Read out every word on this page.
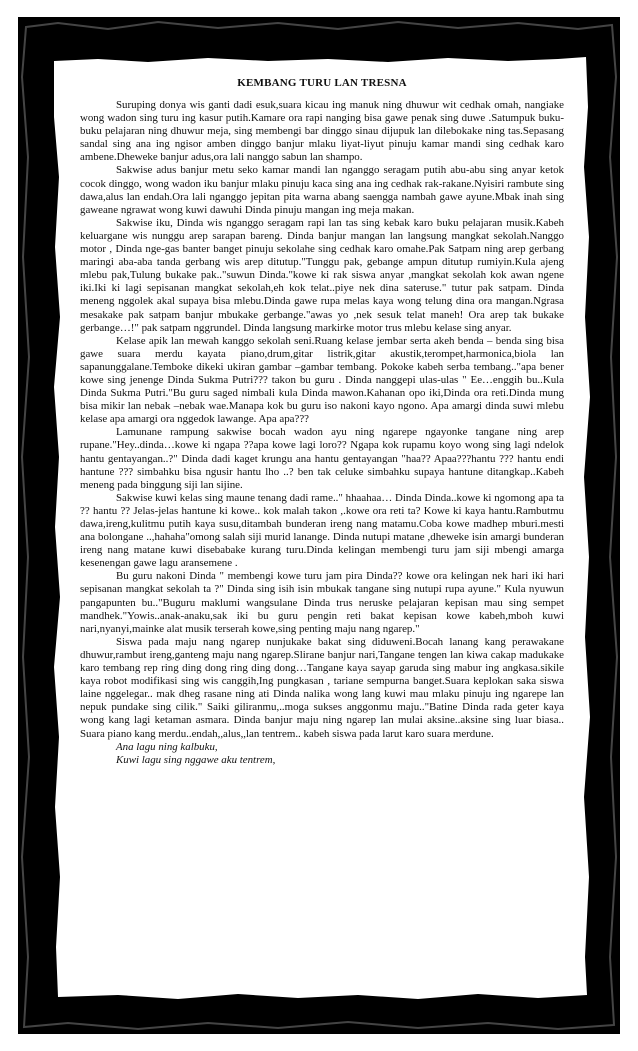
KEMBANG TURU LAN TRESNA

Suruping donya wis ganti dadi esuk,suara kicau ing manuk ning dhuwur wit cedhak omah, nangiake wong wadon sing turu ing kasur putih.Kamare ora rapi nanging bisa gawe penak sing duwe .Satumpuk buku-buku pelajaran ning dhuwur meja, sing membengi bar dinggo sinau dijupuk lan dilebokake ning tas.Sepasang sandal sing ana ing ngisor amben dinggo banjur mlaku liyat-liyut pinuju kamar mandi sing cedhak karo ambene.Dheweke banjur adus,ora lali nanggo sabun lan shampo.

Sakwise adus banjur metu seko kamar mandi lan nganggo seragam putih abu-abu sing anyar ketok cocok dinggo, wong wadon iku banjur mlaku pinuju kaca sing ana ing cedhak rak-rakane.Nyisiri rambute sing dawa,alus lan endah.Ora lali nganggo jepitan pita warna abang saengga nambah gawe ayune.Mbak inah sing gaweane ngrawat wong kuwi dawuhi Dinda pinuju mangan ing meja makan.

Sakwise iku, Dinda wis nganggo seragam rapi lan tas sing kebak karo buku pelajaran musik.Kabeh keluargane wis nunggu arep sarapan bareng. Dinda banjur mangan lan langsung mangkat sekolah.Nanggo motor , Dinda nge-gas banter banget pinuju sekolahe sing cedhak karo omahe.Pak Satpam ning arep gerbang maringi aba-aba tanda gerbang wis arep ditutup."Tunggu pak, gebange ampun ditutup rumiyin.Kula ajeng mlebu pak,Tulung bukake pak.."suwun Dinda."kowe ki rak siswa anyar ,mangkat sekolah kok awan ngene iki.Iki ki lagi sepisanan mangkat sekolah,eh kok telat..piye nek dina saterusе." tutur pak satpam. Dinda meneng nggolek akal supaya bisa mlebu.Dinda gawe rupa melas kaya wong telung dina ora mangan.Ngrasa mesakake pak satpam banjur mbukake gerbange."awas yo ,nek sesuk telat maneh! Ora arep tak bukake gerbange…!" pak satpam nggrundel. Dinda langsung markirke motor trus mlebu kelase sing anyar.

Kelase apik lan mewah kanggo sekolah seni.Ruang kelase jembar serta akeh benda – benda sing bisa gawe suara merdu kayata piano,drum,gitar listrik,gitar akustik,terompet,harmonica,biola lan sapanunggalane.Temboke dikeki ukiran gambar –gambar tembang. Pokoke kabeh serba tembang.."apa bener kowe sing jenenge Dinda Sukma Putri??? takon bu guru . Dinda nanggepi ulas-ulas " Ee…enggih bu..Kula Dinda Sukma Putri."Bu guru saged nimbali kula Dinda mawon.Kahanan opo iki,Dinda ora reti.Dinda mung bisa mikir lan nebak –nebak wae.Manapa kok bu guru iso nakoni kayo ngono. Apa amargi dinda suwi mlebu kelase apa amargi ora nggedok lawange. Apa apa???

Lamunane rampung sakwise bocah wadon ayu ning ngarepe ngayonke tangane ning arep rupane."Hey..dinda…kowe ki ngapa ??apa kowe lagi loro?? Ngapa kok rupamu koyo wong sing lagi ndelok hantu gentayangan..?" Dinda dadi kaget krungu ana hantu gentayangan "haa?? Apaa???hantu ??? hantu endi hantune ??? simbahku bisa ngusir hantu lho ..? ben tak celuke simbahku supaya hantune ditangkap..Kabeh meneng pada binggung siji lan sijine.

Sakwise kuwi kelas sing maune tenang dadi rame.." hhaahaa… Dinda Dinda..kowe ki ngomong apa ta ?? hantu ?? Jelas-jelas hantune ki kowe.. kok malah takon ,.kowe ora reti ta? Kowe ki kaya hantu.Rambutmu dawa,ireng,kulitmu putih kaya susu,ditambah bunderan ireng nang matamu.Coba kowe madhep mburi.mesti ana bolongane ..,hahaha"omong salah siji murid lanange. Dinda nutupi matane ,dheweke isin amargi bunderan ireng nang matane kuwi disebabake kurang turu.Dinda kelingan membengi turu jam siji mbengi amarga kesenengan gawe lagu aransemene .

Bu guru nakoni Dinda " membengi kowe turu jam pira Dinda?? kowe ora kelingan nek hari iki hari sepisanan mangkat sekolah ta ?" Dinda sing isih isin mbukak tangane sing nutupi rupa ayune." Kula nyuwun pangapunten bu.."Buguru maklumi wangsulane Dinda trus neruske pelajaran kepisan mau sing sempet mandhek."Yowis..anak-anaku,sak iki bu guru pengin reti bakat kepisan kowe kabeh,mboh kuwi nari,nyanyi,mainke alat musik terserah kowe,sing penting maju nang ngarep."

Siswa pada maju nang ngarep nunjukake bakat sing diduweni.Bocah lanang kang perawakane dhuwur,rambut ireng,ganteng maju nang ngarep.Slirane banjur nari,Tangane tengen lan kiwa cakap madukake karo tembang rep ring ding dong ring ding dong…Tangane kaya sayap garuda sing mabur ing angkasa.sikile kaya robot modifikasi sing wis canggih,Ing pungkasan , tariane sempurna banget.Suara keplokan saka siswa laine nggelegar.. mak dheg rasane ning ati Dinda nalika wong lang kuwi mau mlaku pinuju ing ngarepe lan nepuk pundake sing cilik." Saiki giliranmu,..moga sukses anggonmu maju.."Batine Dinda rada geter kaya wong kang lagi ketaman asmara. Dinda banjur maju ning ngarep lan mulai aksine..aksine sing luar biasa.. Suara piano kang merdu..endah,,alus,,lan tentrem.. kabeh siswa pada larut karo suara merdune.

Ana lagu ning kalbuku,

Kuwi lagu sing nggawe aku tentrem,
